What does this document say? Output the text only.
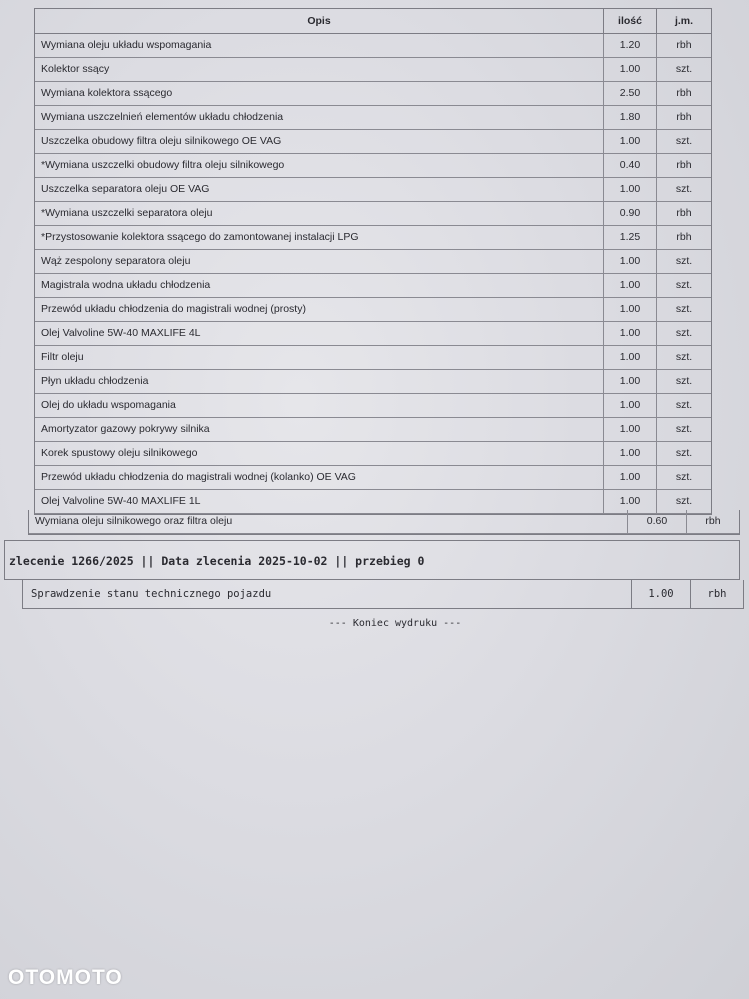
Opis	ilość	j.m.
Wymiana oleju układu wspomagania	1.20	rbh
Kolektor ssący	1.00	szt.
Wymiana kolektora ssącego	2.50	rbh
Wymiana uszczelnień elementów układu chłodzenia	1.80	rbh
Uszczelka obudowy filtra oleju silnikowego OE VAG	1.00	szt.
*Wymiana uszczelki obudowy filtra oleju silnikowego	0.40	rbh
Uszczelka separatora oleju OE VAG	1.00	szt.
*Wymiana uszczelki separatora oleju	0.90	rbh
*Przystosowanie kolektora ssącego do zamontowanej instalacji LPG	1.25	rbh
Wąż zespolony separatora oleju	1.00	szt.
Magistrala wodna układu chłodzenia	1.00	szt.
Przewód układu chłodzenia do magistrali wodnej (prosty)	1.00	szt.
Olej Valvoline 5W-40 MAXLIFE 4L	1.00	szt.
Filtr oleju	1.00	szt.
Płyn układu chłodzenia	1.00	szt.
Olej do układu wspomagania	1.00	szt.
Amortyzator gazowy pokrywy silnika	1.00	szt.
Korek spustowy oleju silnikowego	1.00	szt.
Przewód układu chłodzenia do magistrali wodnej (kolanko) OE VAG	1.00	szt.
Olej Valvoline 5W-40 MAXLIFE 1L	1.00	szt.
Wymiana oleju silnikowego oraz filtra oleju	0.60	rbh
zlecenie 1266/2025 || Data zlecenia 2025-10-02 || przebieg 0
Sprawdzenie stanu technicznego pojazdu	1.00	rbh
--- Koniec wydruku ---
OTOMOTO
